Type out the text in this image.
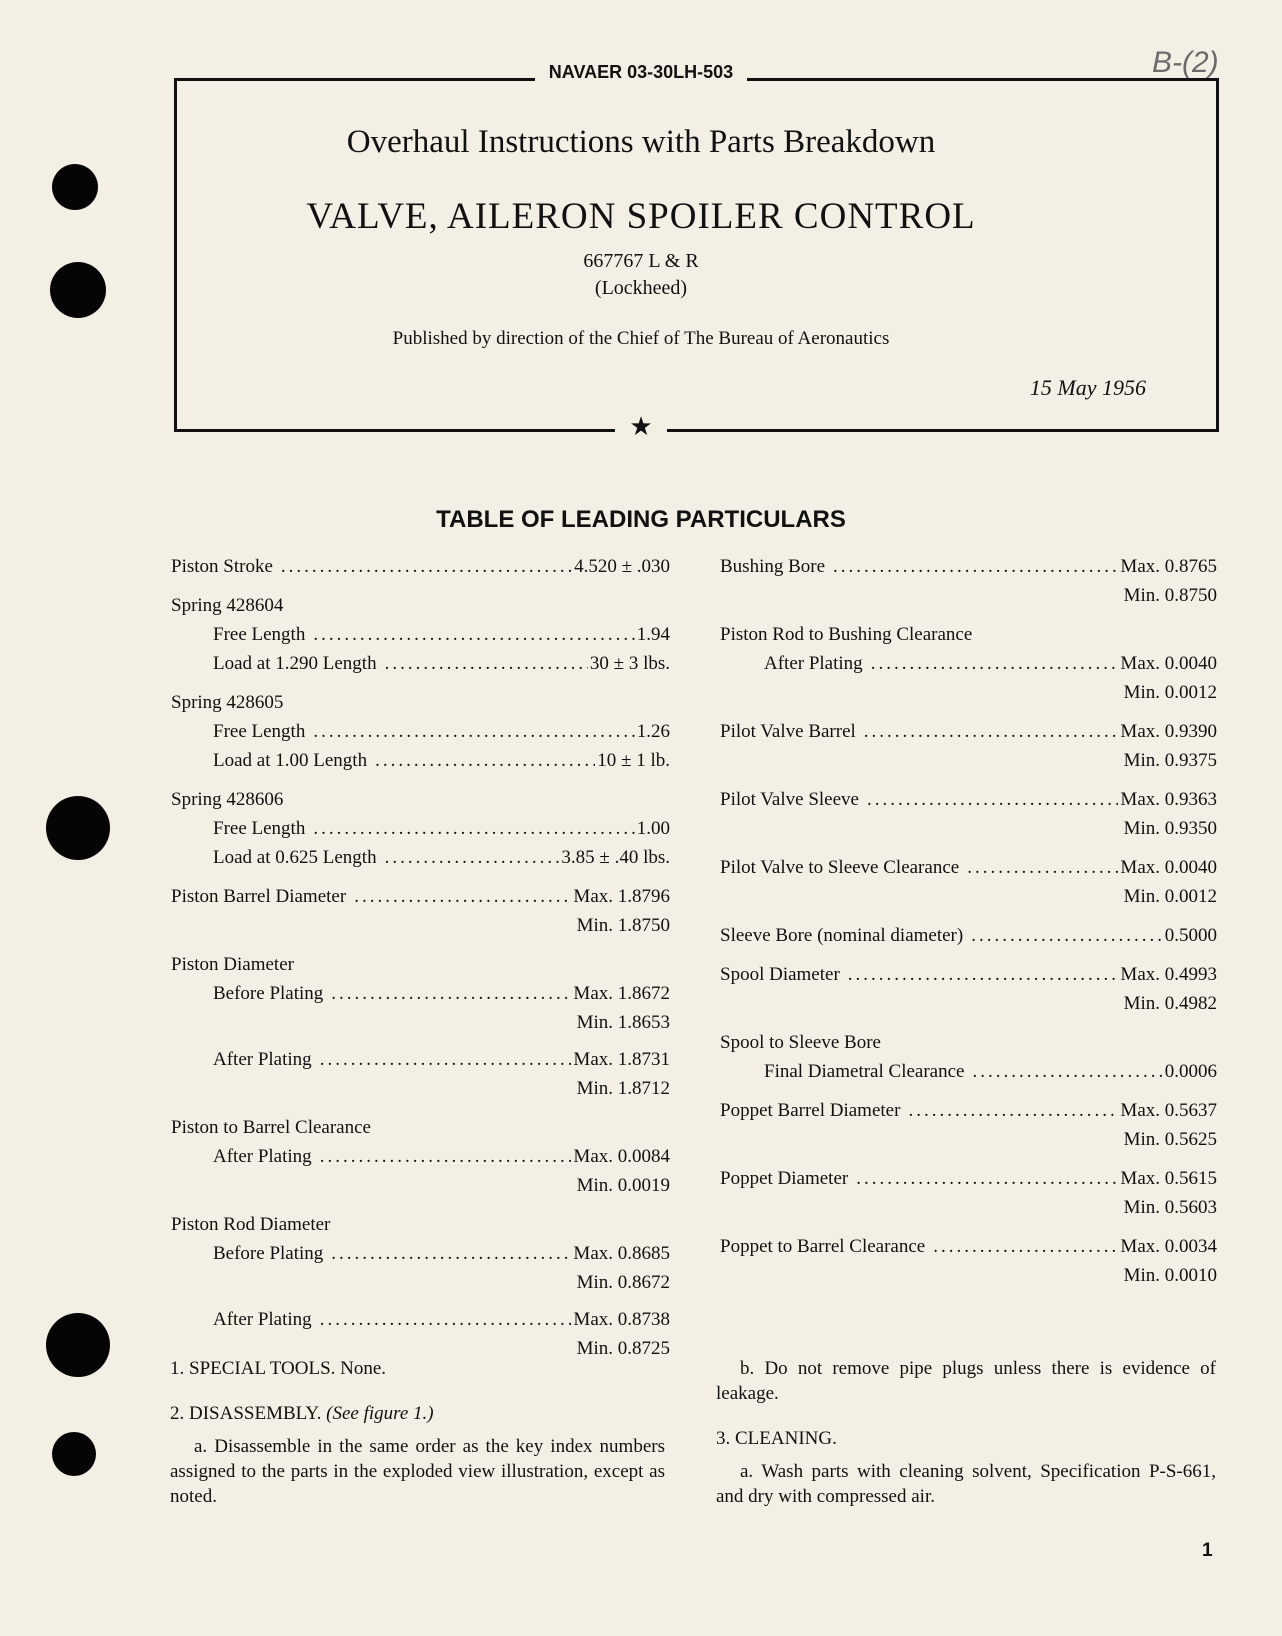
B-(2)
NAVAER 03-30LH-503
Overhaul Instructions with Parts Breakdown
VALVE, AILERON SPOILER CONTROL
667767 L & R
(Lockheed)
Published by direction of the Chief of The Bureau of Aeronautics
15 May 1956
★
TABLE OF LEADING PARTICULARS
Piston Stroke .....	4.520 ± .030
Spring 428604
Free Length .....	1.94
Load at 1.290 Length .....	30 ± 3 lbs.
Spring 428605
Free Length .....	1.26
Load at 1.00 Length .....	10 ± 1 lb.
Spring 428606
Free Length .....	1.00
Load at 0.625 Length .....	3.85 ± .40 lbs.
Piston Barrel Diameter .....	Max. 1.8796
Min. 1.8750
Piston Diameter
Before Plating .....	Max. 1.8672
Min. 1.8653
After Plating .....	Max. 1.8731
Min. 1.8712
Piston to Barrel Clearance
After Plating .....	Max. 0.0084
Min. 0.0019
Piston Rod Diameter
Before Plating .....	Max. 0.8685
Min. 0.8672
After Plating .....	Max. 0.8738
Min. 0.8725
Bushing Bore .....	Max. 0.8765
Min. 0.8750
Piston Rod to Bushing Clearance
After Plating .....	Max. 0.0040
Min. 0.0012
Pilot Valve Barrel .....	Max. 0.9390
Min. 0.9375
Pilot Valve Sleeve .....	Max. 0.9363
Min. 0.9350
Pilot Valve to Sleeve Clearance .....	Max. 0.0040
Min. 0.0012
Sleeve Bore (nominal diameter) .....	0.5000
Spool Diameter .....	Max. 0.4993
Min. 0.4982
Spool to Sleeve Bore
Final Diametral Clearance .....	0.0006
Poppet Barrel Diameter .....	Max. 0.5637
Min. 0.5625
Poppet Diameter .....	Max. 0.5615
Min. 0.5603
Poppet to Barrel Clearance .....	Max. 0.0034
Min. 0.0010
1. SPECIAL TOOLS. None.
2. DISASSEMBLY. (See figure 1.)
a. Disassemble in the same order as the key index numbers assigned to the parts in the exploded view illustration, except as noted.
b. Do not remove pipe plugs unless there is evidence of leakage.
3. CLEANING.
a. Wash parts with cleaning solvent, Specification P-S-661, and dry with compressed air.
1
